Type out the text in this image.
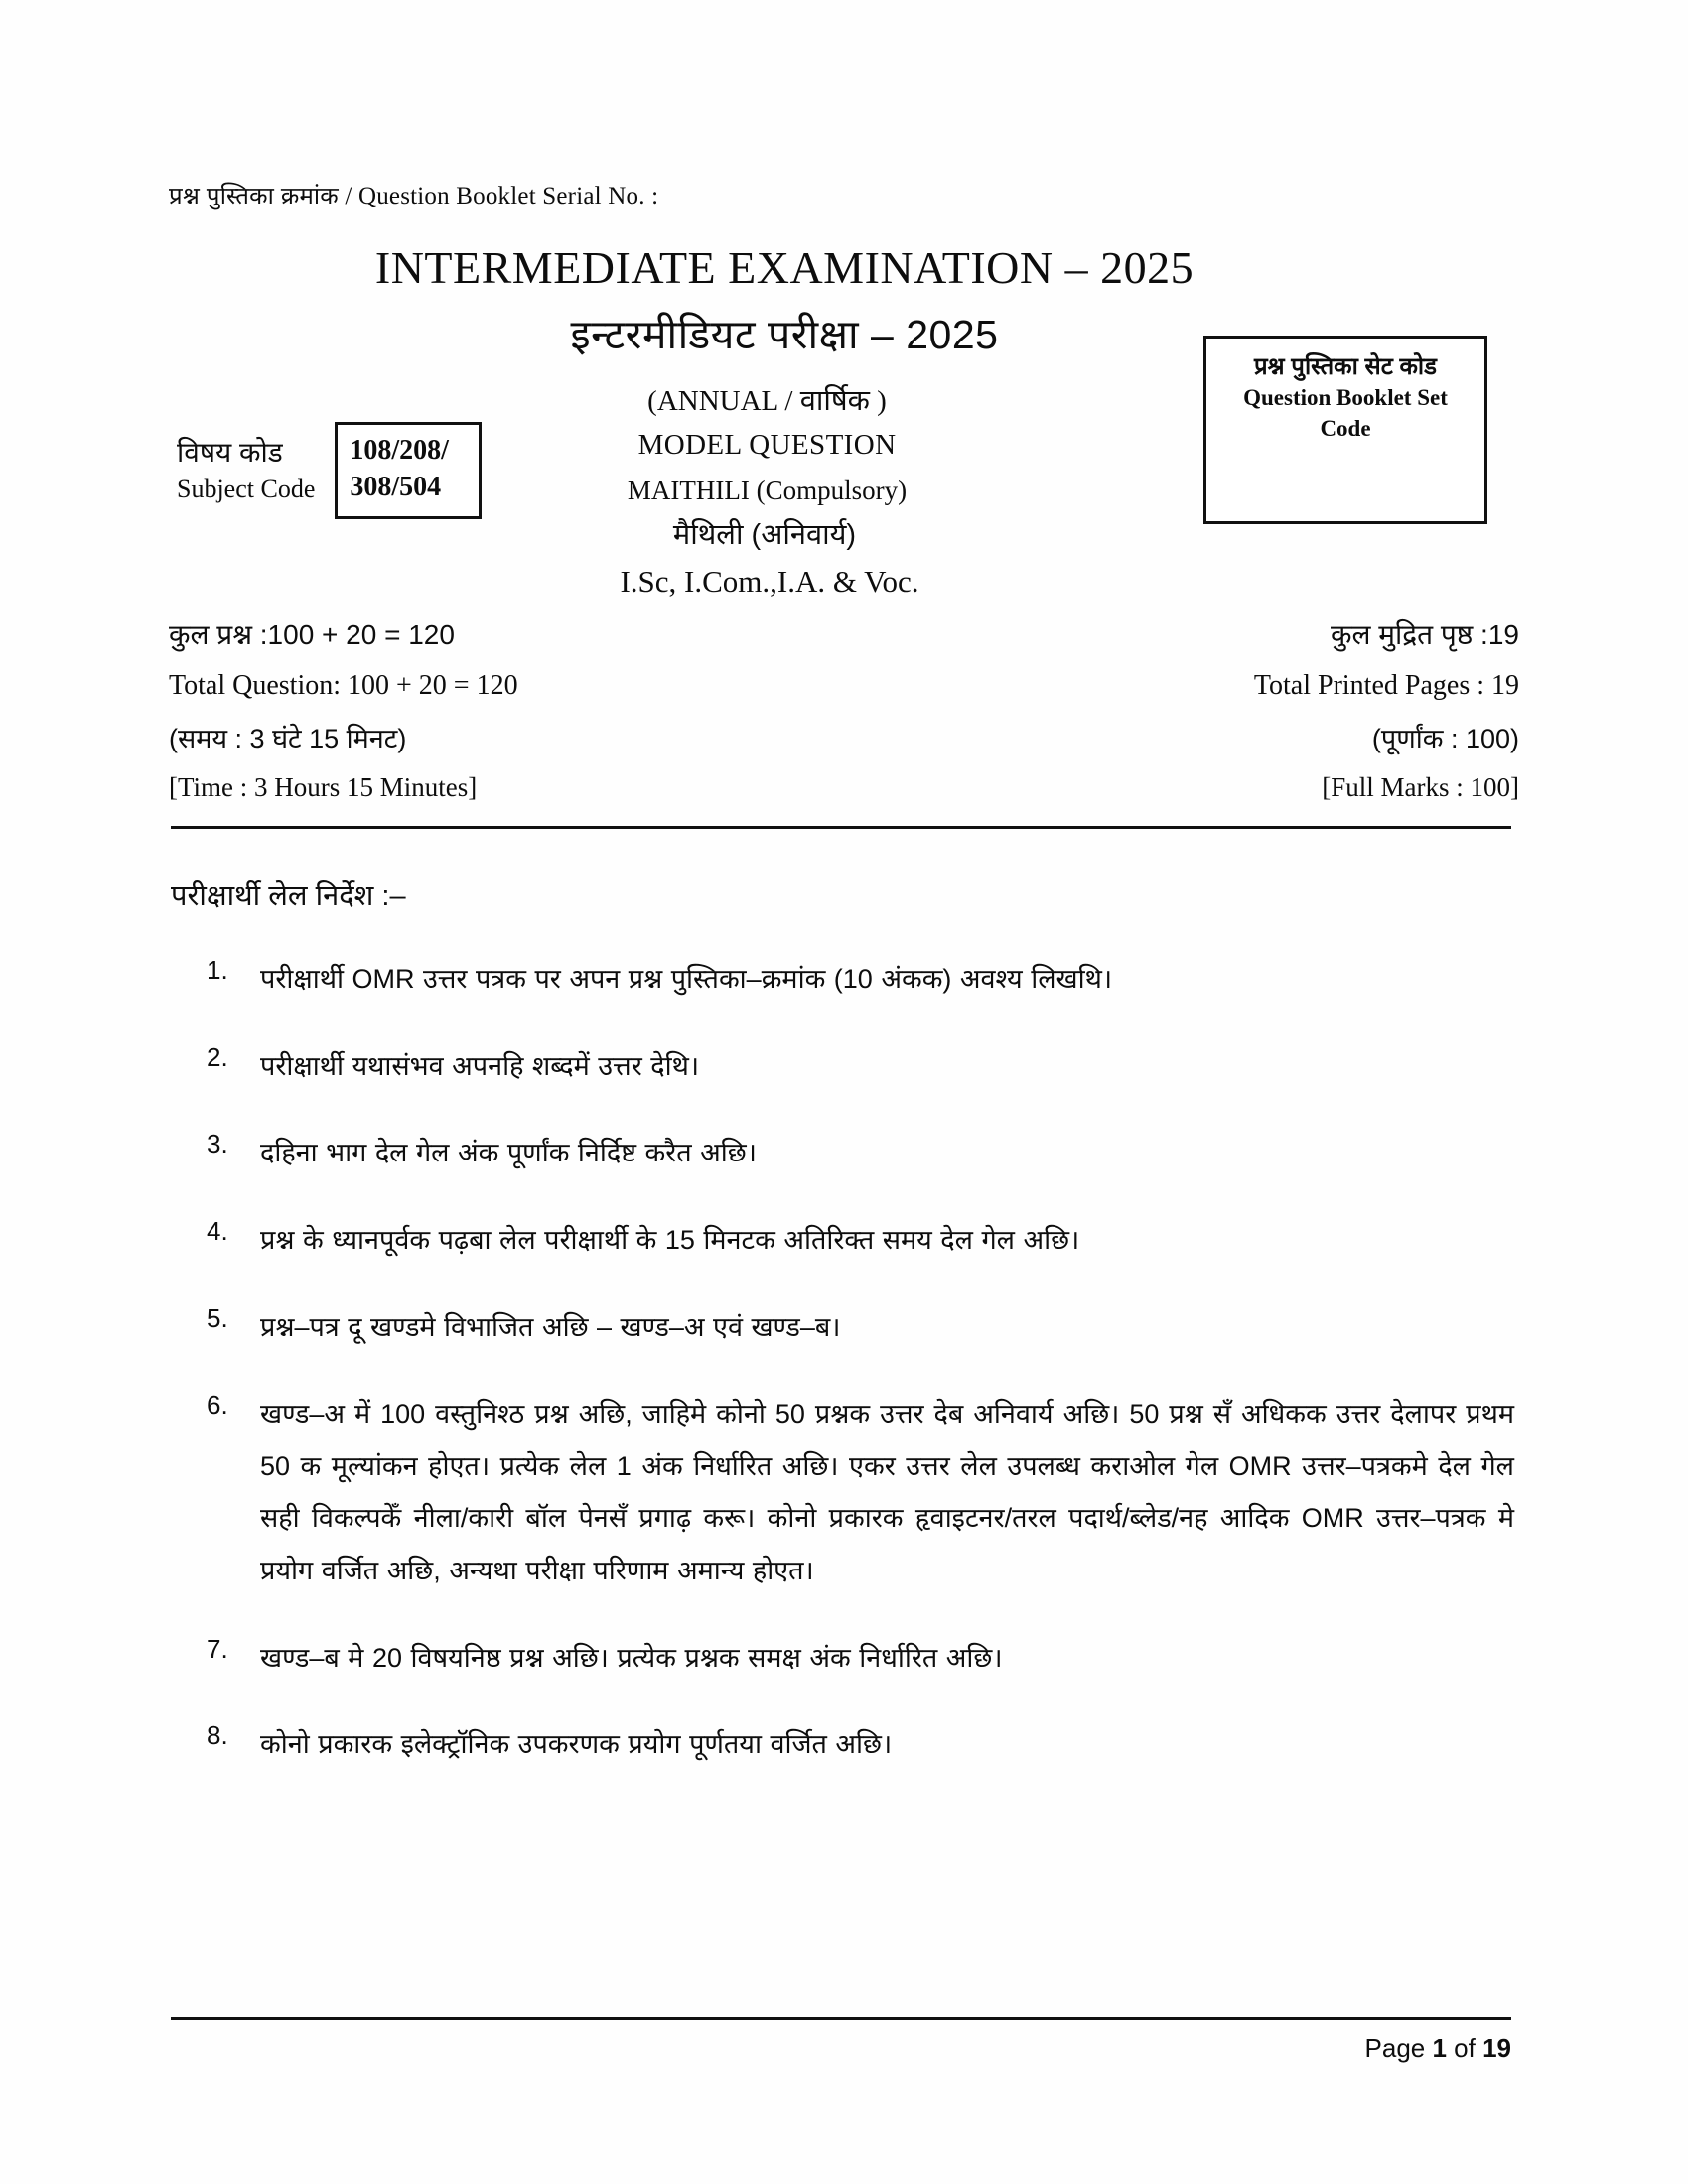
प्रश्न पुस्तिका क्रमांक / Question Booklet Serial No. :
INTERMEDIATE EXAMINATION – 2025
इन्टरमीडियट परीक्षा – 2025
(ANNUAL / वार्षिक )
MODEL QUESTION
MAITHILI (Compulsory)
मैथिली (अनिवार्य)
I.Sc, I.Com.,I.A. & Voc.
विषय कोड
Subject Code
108/208/
308/504
प्रश्न पुस्तिका सेट कोड
Question Booklet Set
Code
कुल प्रश्न :100 + 20 = 120	कुल मुद्रित पृष्ठ :19
Total Question: 100 + 20 = 120	Total Printed Pages : 19
(समय : 3 घंटे 15 मिनट)	(पूर्णांक : 100)
[Time : 3 Hours 15 Minutes]	[Full Marks : 100]
परीक्षार्थी लेल निर्देश :–
1.	परीक्षार्थी OMR उत्तर पत्रक पर अपन प्रश्न पुस्तिका–क्रमांक (10 अंकक) अवश्य लिखथि।
2.	परीक्षार्थी यथासंभव अपनहि शब्दमें उत्तर देथि।
3.	दहिना भाग देल गेल अंक पूर्णांक निर्दिष्ट करैत अछि।
4.	प्रश्न के ध्यानपूर्वक पढ़बा लेल परीक्षार्थी के 15 मिनटक अतिरिक्त समय देल गेल अछि।
5.	प्रश्न–पत्र दू खण्डमे विभाजित अछि – खण्ड–अ एवं खण्ड–ब।
6.	खण्ड–अ में 100 वस्तुनिश्ठ प्रश्न अछि, जाहिमे कोनो 50 प्रश्नक उत्तर देब अनिवार्य अछि। 50 प्रश्न सँ अधिकक उत्तर देलापर प्रथम 50 क मूल्यांकन होएत। प्रत्येक लेल 1 अंक निर्धारित अछि। एकर उत्तर लेल उपलब्ध कराओल गेल OMR उत्तर–पत्रकमे देल गेल सही विकल्पकेँ नीला/कारी बॉल पेनसँ प्रगाढ़ करू। कोनो प्रकारक हृवाइटनर/तरल पदार्थ/ब्लेड/नह आदिक OMR उत्तर–पत्रक मे प्रयोग वर्जित अछि, अन्यथा परीक्षा परिणाम अमान्य होएत।
7.	खण्ड–ब मे 20 विषयनिष्ठ प्रश्न अछि। प्रत्येक प्रश्नक समक्ष अंक निर्धारित अछि।
8.	कोनो प्रकारक इलेक्ट्रॉनिक उपकरणक प्रयोग पूर्णतया वर्जित अछि।
Page 1 of 19
